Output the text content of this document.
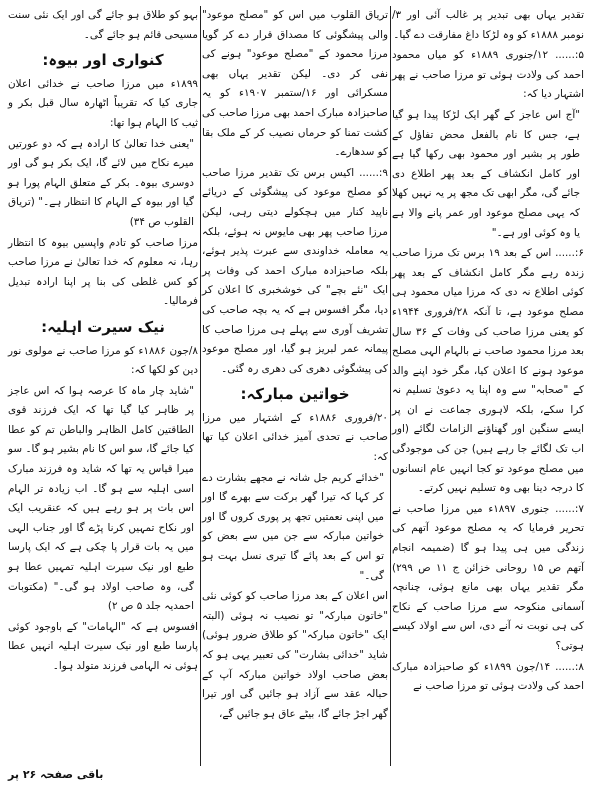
تقدیر یہاں بھی تبدیر پر غالب آئی اور ۳/نومبر ۱۸۸۸ء کو وہ لڑکا داغ مفارقت دے گیا۔

۵:...... ۱۲/جنوری ۱۸۸۹ء کو میاں محمود احمد کی ولادت ہوئی تو مرزا صاحب نے پھر اشتہار دیا کہ:

"آج اس عاجز کے گھر ایک لڑکا پیدا ہو گیا ہے، جس کا نام بالفعل محض تفاؤل کے طور پر بشیر اور محمود بھی رکھا گیا ہے اور کامل انکشاف کے بعد پھر اطلاع دی جائے گی، مگر ابھی تک مجھ پر یہ نہیں کھلا کہ یہی مصلح موعود اور عمر پانے والا ہے یا وہ کوئی اور ہے۔"

۶:...... اس کے بعد ۱۹ برس تک مرزا صاحب زندہ رہے مگر کامل انکشاف کے بعد پھر کوئی اطلاع نہ دی کہ مرزا میاں محمود ہی مصلح موعود ہے، تا آنکہ ۲۸/فروری ۱۹۴۴ء کو یعنی مرزا صاحب کی وفات کے ۳۶ سال بعد مرزا محمود صاحب نے بالہام الہی مصلح موعود ہونے کا اعلان کیا، مگر خود اپنے والد کے "صحابہ" سے وہ اپنا یہ دعویٰ تسلیم نہ کرا سکے، بلکہ لاہوری جماعت نے ان پر ایسے سنگین اور گھناؤنے الزامات لگائے (اور اب تک لگائے جا رہے ہیں) جن کی موجودگی میں مصلح موعود تو کجا انہیں عام انسانوں کا درجہ دینا بھی وہ تسلیم نہیں کرتے۔

۷:...... جنوری ۱۸۹۷ء میں مرزا صاحب نے تحریر فرمایا کہ یہ مصلح موعود آتھم کی زندگی میں ہی پیدا ہو گا (ضمیمہ انجام آتھم ص ۱۵ روحانی خزائن ج ۱۱ ص ۲۹۹) مگر تقدیر یہاں بھی مانع ہوئی، چنانچہ آسمانی منکوحہ سے مرزا صاحب کے نکاح کی ہی نوبت نہ آنے دی، اس سے اولاد کیسے ہوتی؟

۸:...... ۱۴/جون ۱۸۹۹ء کو صاحبزادہ مبارک احمد کی ولادت ہوئی تو مرزا صاحب نے

تریاق القلوب میں اس کو "مصلح موعود" والی پیشگوئی کا مصداق قرار دے کر گویا مرزا محمود کے "مصلح موعود" ہونے کی نفی کر دی۔ لیکن تقدیر یہاں بھی مسکرائی اور ۱۶/ستمبر ۱۹۰۷ء کو یہ صاحبزادہ مبارک احمد بھی مرزا صاحب کی کشت تمنا کو حرماں نصیب کر کے ملک بقا کو سدھارے۔

۹:...... اکیس برس تک تقدیر مرزا صاحب کو مصلح موعود کی پیشگوئی کے دریائے ناپید کنار میں ہچکولے دیتی رہی، لیکن مرزا صاحب پھر بھی مایوس نہ ہوئے، بلکہ یہ معاملہ خداوندی سے عبرت پذیر ہوئے، بلکہ صاحبزادہ مبارک احمد کی وفات پر ایک "نئے بچے" کی خوشخبری کا اعلان کر دیا، مگر افسوس ہے کہ یہ بچہ صاحب کی تشریف آوری سے پہلے ہی مرزا صاحب کا پیمانہ عمر لبریز ہو گیا، اور مصلح موعود کی پیشگوئی دھری کی دھری رہ گئی۔

خواتین مبارکہ:

۲۰/فروری ۱۸۸۶ء کے اشتہار میں مرزا صاحب نے تحدی آمیز خدائی اعلان کیا تھا کہ:

"خدائے کریم جل شانہ نے مجھے بشارت دے کر کہا کہ تیرا گھر برکت سے بھرے گا اور میں اپنی نعمتیں تجھ پر پوری کروں گا اور خواتین مبارکہ سے جن میں سے بعض کو تو اس کے بعد پائے گا تیری نسل بہت ہو گی۔"

اس اعلان کے بعد مرزا صاحب کو کوئی نئی "خاتون مبارکہ" تو نصیب نہ ہوئی (البتہ ایک "خاتون مبارکہ" کو طلاق ضرور ہوئی) شاید "خدائی بشارت" کی تعبیر یہی ہو کہ بعض صاحب اولاد خواتین مبارکہ آپ کے حبالہ عقد سے آزاد ہو جائیں گی اور تیرا گھر اجڑ جائے گا، بیٹے عاق ہو جائیں گے،

بہو کو طلاق ہو جائے گی اور ایک نئی سنت مسیحی قائم ہو جائے گی۔

کنواری اور بیوہ:

۱۸۹۹ء میں مرزا صاحب نے خدائی اعلان جاری کیا کہ تقریباً اٹھارہ سال قبل بکر و ثیب کا الہام ہوا تھا:

"یعنی خدا تعالیٰ کا ارادہ ہے کہ دو عورتیں میرے نکاح میں لائے گا، ایک بکر ہو گی اور دوسری بیوہ۔ بکر کے متعلق الہام پورا ہو گیا اور بیوہ کے الہام کا انتظار ہے۔" (تریاق القلوب ص ۳۴)

مرزا صاحب کو تادم واپسیں بیوہ کا انتظار رہا، نہ معلوم کہ خدا تعالیٰ نے مرزا صاحب کو کس غلطی کی بنا پر اپنا ارادہ تبدیل فرمالیا۔

نیک سیرت اہلیہ:

۸/جون ۱۸۸۶ء کو مرزا صاحب نے مولوی نور دین کو لکھا کہ:

"شاید چار ماہ کا عرصہ ہوا کہ اس عاجز پر ظاہر کیا گیا تھا کہ ایک فرزند قوی الطاقتین کامل الظاہر والباطن تم کو عطا کیا جائے گا، سو اس کا نام بشیر ہو گا۔ سو میرا قیاس یہ تھا کہ شاید وہ فرزند مبارک اسی اہلیہ سے ہو گا۔ اب زیادہ تر الہام اس بات پر ہو رہے ہیں کہ عنقریب ایک اور نکاح تمہیں کرنا پڑے گا اور جناب الہی میں یہ بات قرار پا چکی ہے کہ ایک پارسا طبع اور نیک سیرت اہلیہ تمہیں عطا ہو گی، وہ صاحب اولاد ہو گی۔" (مکتوبات احمدیہ جلد ۵ ص ۲)

افسوس ہے کہ "الہامات" کے باوجود کوئی پارسا طبع اور نیک سیرت اہلیہ انہیں عطا ہوئی نہ الہامی فرزند متولد ہوا۔

باقی صفحہ ۲۶ پر
